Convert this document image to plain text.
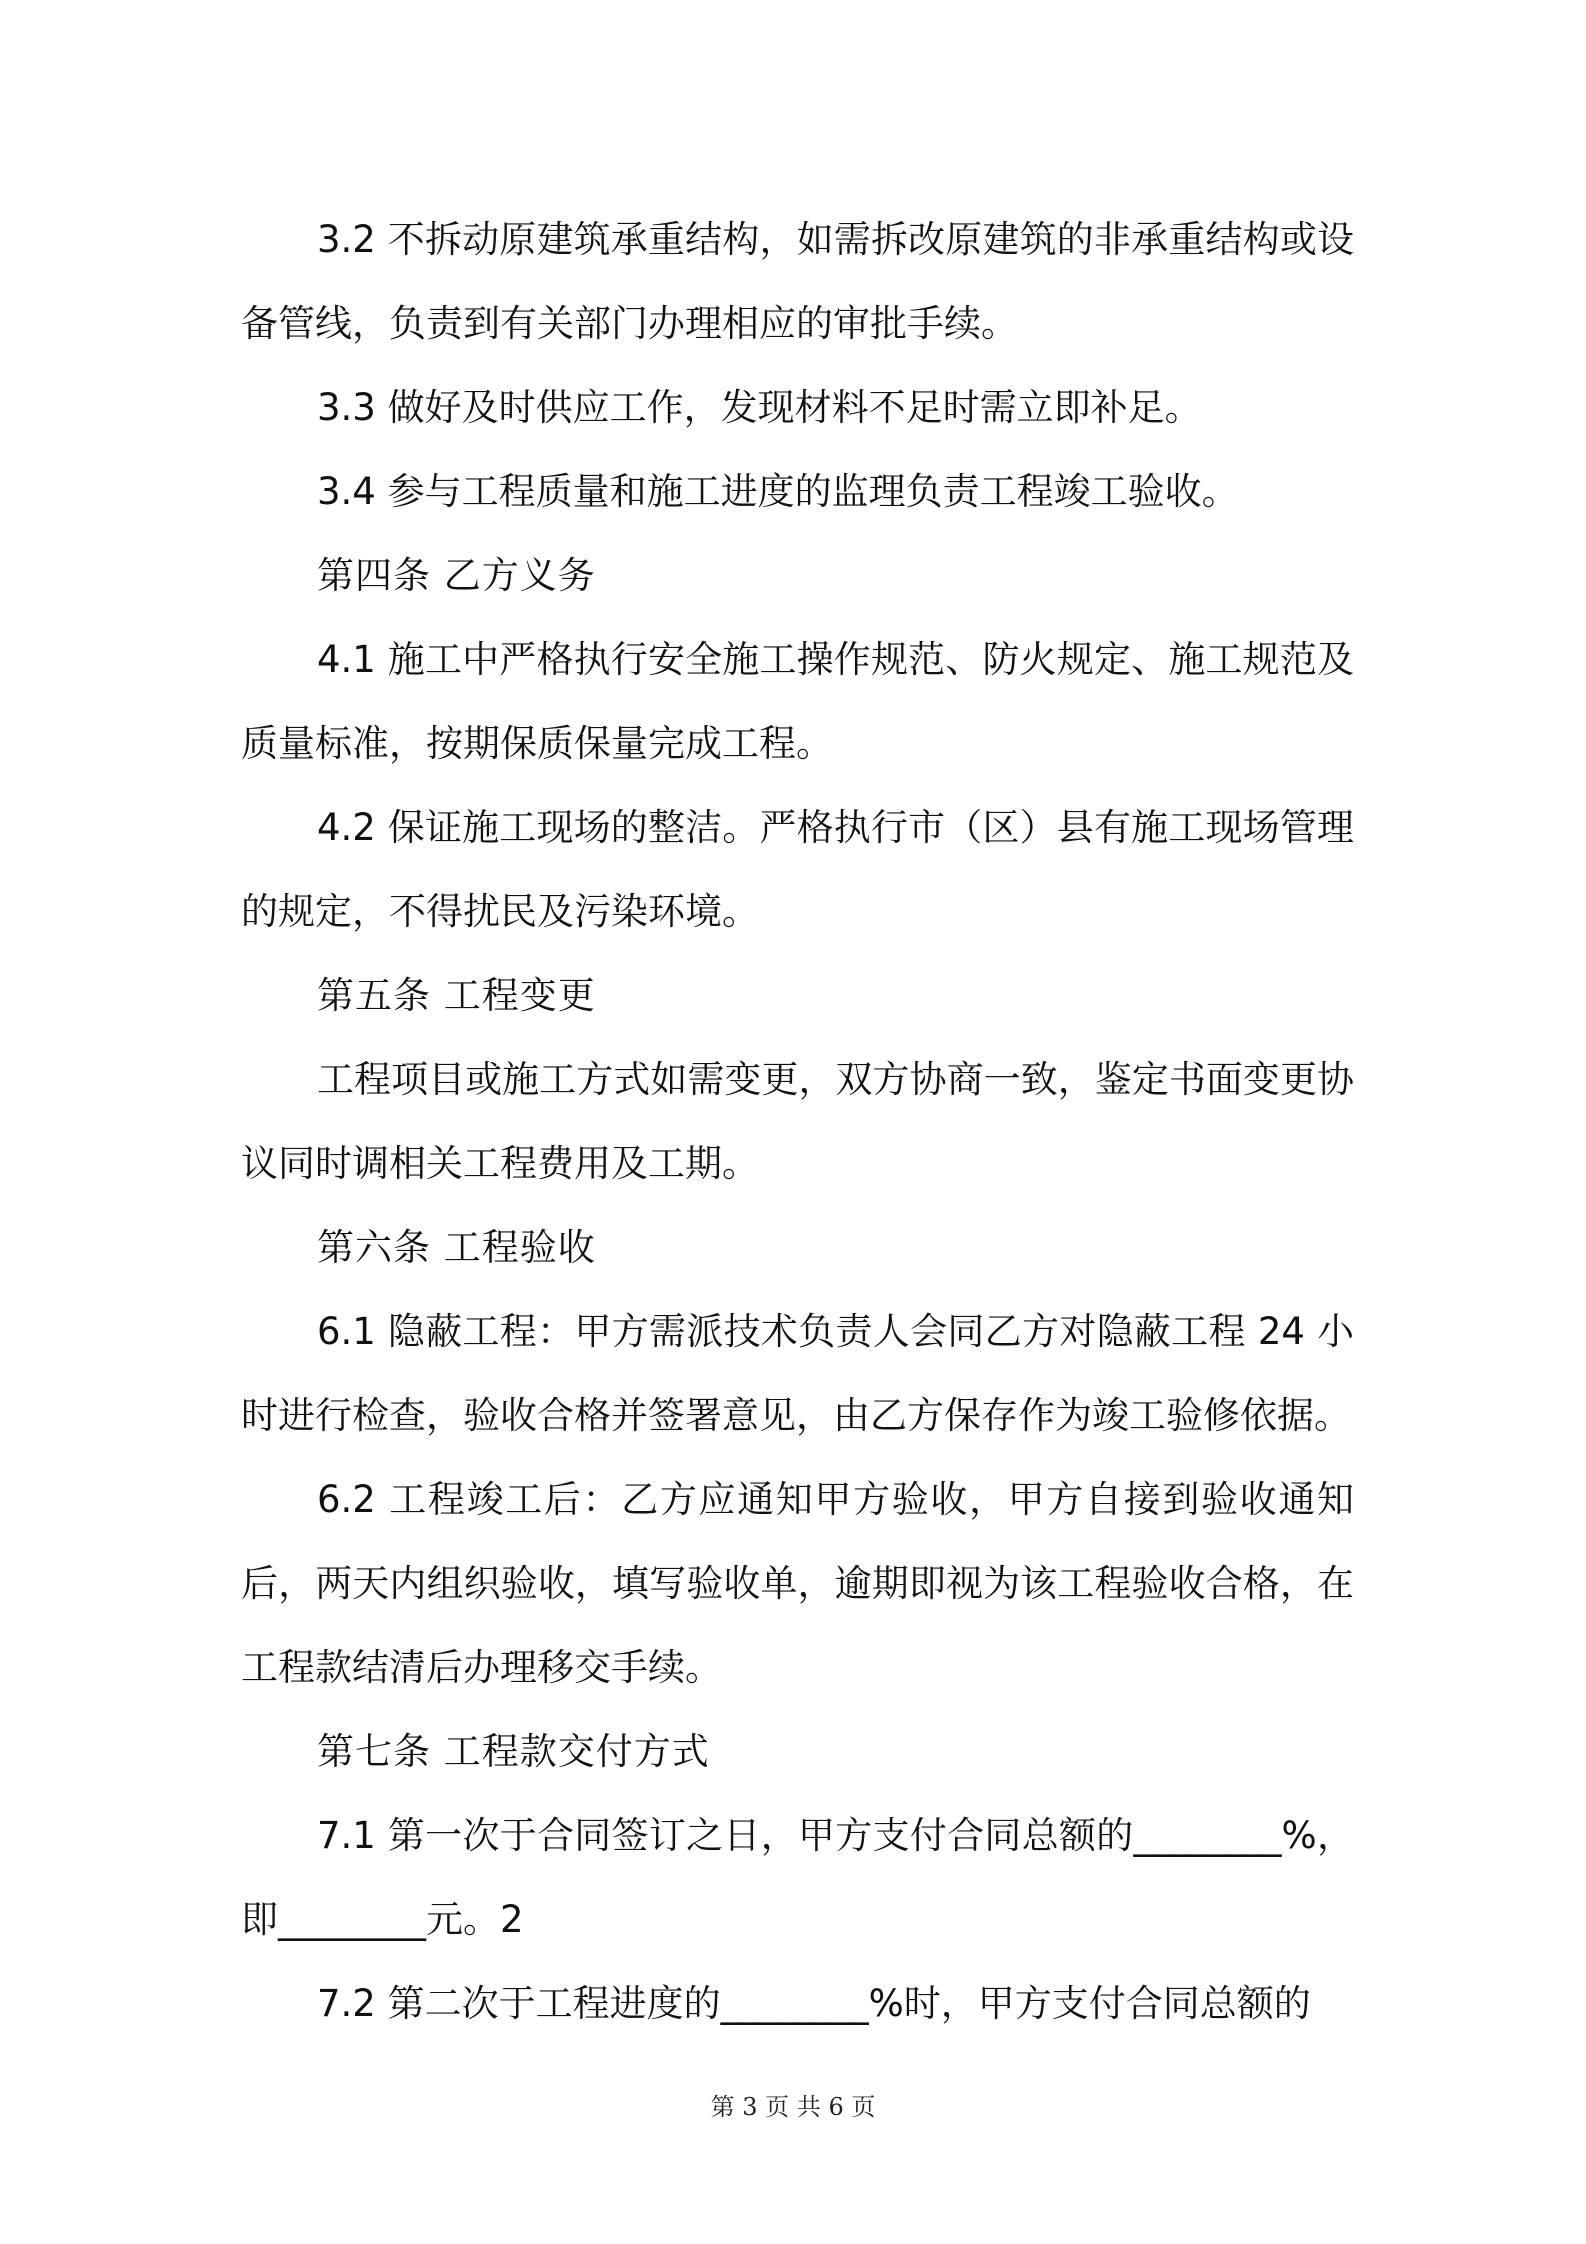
3.2 不拆动原建筑承重结构，如需拆改原建筑的非承重结构或设备管线，负责到有关部门办理相应的审批手续。

3.3 做好及时供应工作，发现材料不足时需立即补足。

3.4 参与工程质量和施工进度的监理负责工程竣工验收。

第四条 乙方义务

4.1 施工中严格执行安全施工操作规范、防火规定、施工规范及质量标准，按期保质保量完成工程。

4.2 保证施工现场的整洁。严格执行市（区）县有施工现场管理的规定，不得扰民及污染环境。

第五条 工程变更

工程项目或施工方式如需变更，双方协商一致，鉴定书面变更协议同时调相关工程费用及工期。

第六条 工程验收

6.1 隐蔽工程：甲方需派技术负责人会同乙方对隐蔽工程 24 小时进行检查，验收合格并签署意见，由乙方保存作为竣工验修依据。

6.2 工程竣工后：乙方应通知甲方验收，甲方自接到验收通知后，两天内组织验收，填写验收单，逾期即视为该工程验收合格，在工程款结清后办理移交手续。

第七条 工程款交付方式

7.1 第一次于合同签订之日，甲方支付合同总额的________%，即________元。2

7.2 第二次于工程进度的________%时，甲方支付合同总额的

第 3 页 共 6 页
